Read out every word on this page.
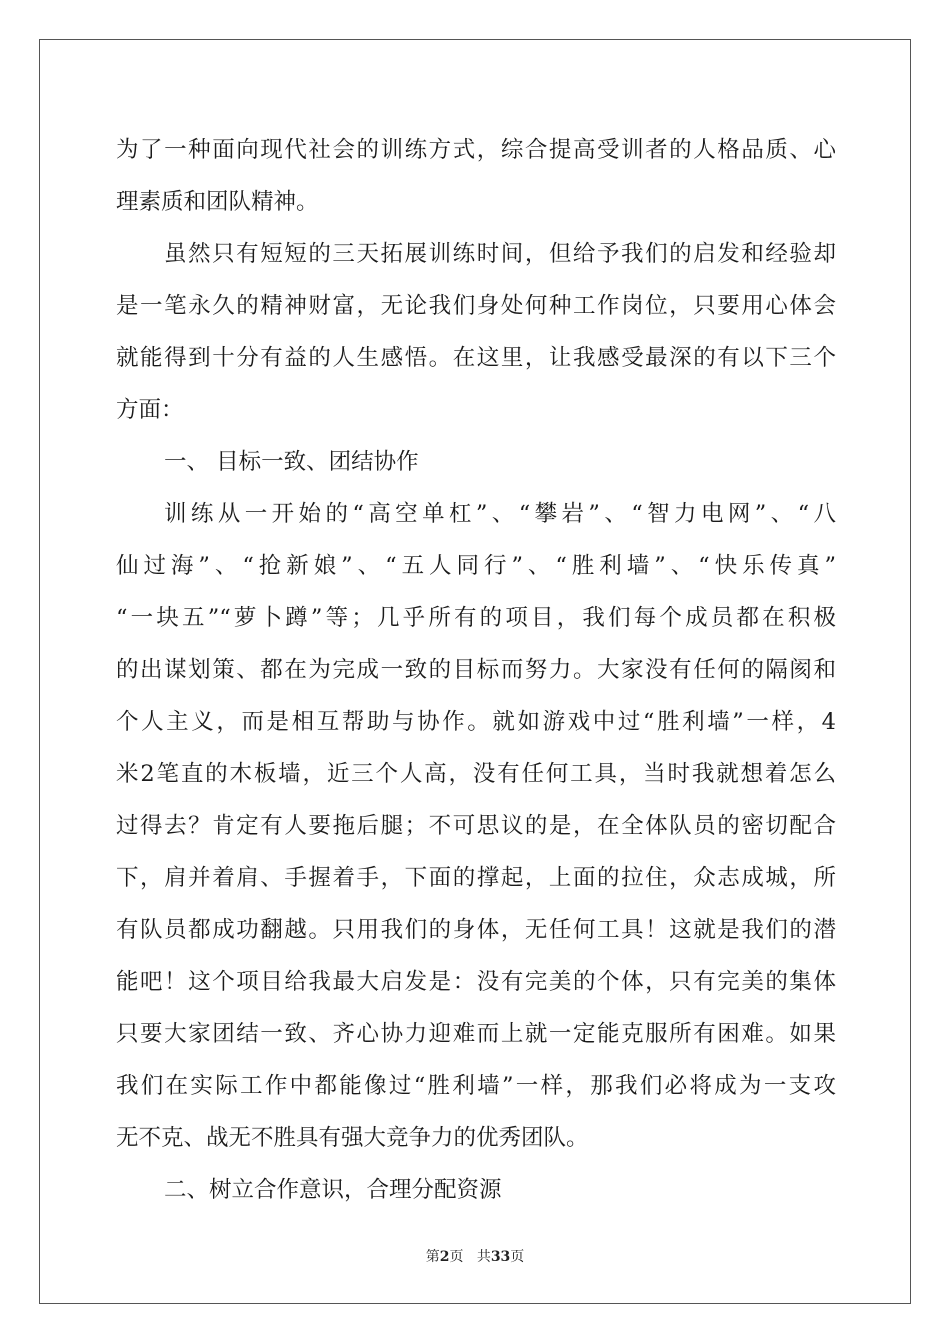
为了一种面向现代社会的训练方式，综合提高受训者的人格品质、心
理素质和团队精神。
虽然只有短短的三天拓展训练时间，但给予我们的启发和经验却
是一笔永久的精神财富，无论我们身处何种工作岗位，只要用心体会
就能得到十分有益的人生感悟。在这里，让我感受最深的有以下三个
方面：
一、 目标一致、团结协作
训练从一开始的“高空单杠”、“攀岩”、“智力电网”、“八
仙过海”、“抢新娘”、“五人同行”、“胜利墙”、“快乐传真”
“一块五”“萝卜蹲”等；几乎所有的项目，我们每个成员都在积极
的出谋划策、都在为完成一致的目标而努力。大家没有任何的隔阂和
个人主义，而是相互帮助与协作。就如游戏中过“胜利墙”一样，4
米2笔直的木板墙，近三个人高，没有任何工具，当时我就想着怎么
过得去？肯定有人要拖后腿；不可思议的是，在全体队员的密切配合
下，肩并着肩、手握着手，下面的撑起，上面的拉住，众志成城，所
有队员都成功翻越。只用我们的身体，无任何工具！这就是我们的潜
能吧！这个项目给我最大启发是：没有完美的个体，只有完美的集体
只要大家团结一致、齐心协力迎难而上就一定能克服所有困难。如果
我们在实际工作中都能像过“胜利墙”一样，那我们必将成为一支攻
无不克、战无不胜具有强大竞争力的优秀团队。
二、树立合作意识，合理分配资源
第2页 共33页
